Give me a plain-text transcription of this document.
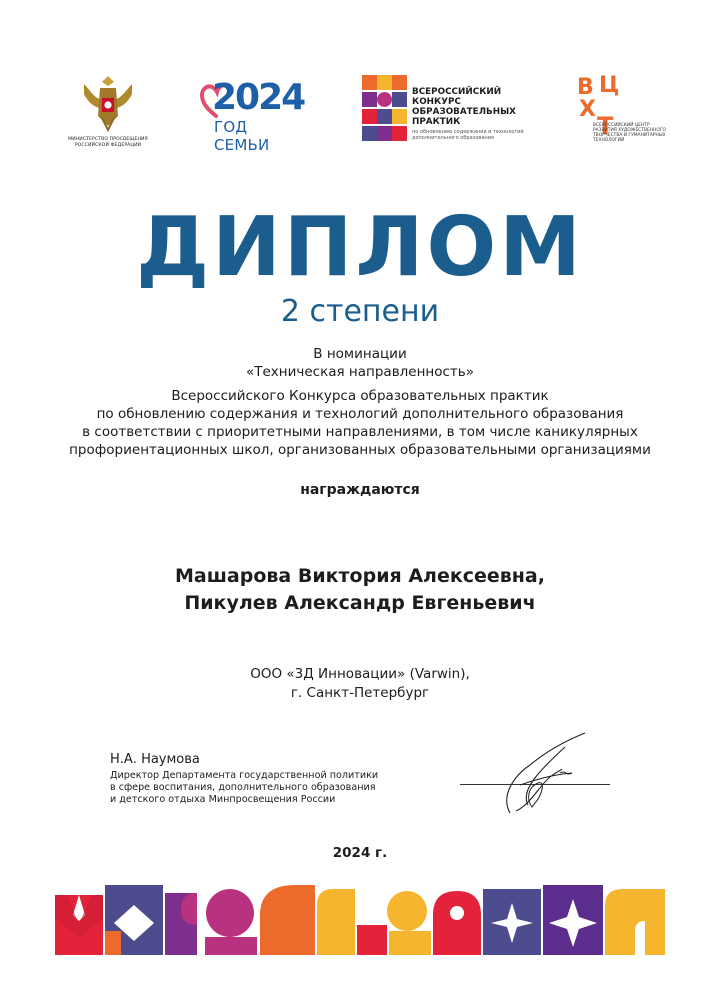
МИНИСТЕРСТВО ПРОСВЕЩЕНИЯ
РОССИЙСКОЙ ФЕДЕРАЦИИ
2024
ГОД СЕМЬИ
ВСЕРОССИЙСКИЙ
КОНКУРС
ОБРАЗОВАТЕЛЬНЫХ
ПРАКТИК
по обновлению содержания и технологий
дополнительного образования
В Ц
Х
Т
ВСЕРОССИЙСКИЙ ЦЕНТР
РАЗВИТИЯ ХУДОЖЕСТВЕННОГО
ТВОРЧЕСТВА И ГУМАНИТАРНЫХ
ТЕХНОЛОГИЙ
ДИПЛОМ
2 степени
В номинации
«Техническая направленность»
Всероссийского Конкурса образовательных практик
по обновлению содержания и технологий дополнительного образования
в соответствии с приоритетными направлениями, в том числе каникулярных
профориентационных школ, организованных образовательными организациями
награждаются
Машарова Виктория Алексеевна,
Пикулев Александр Евгеньевич
ООО «3Д Инновации» (Varwin),
г. Санкт-Петербург
Н.А. Наумова
Директор Департамента государственной политики
в сфере воспитания, дополнительного образования
и детского отдыха Минпросвещения России
2024 г.
